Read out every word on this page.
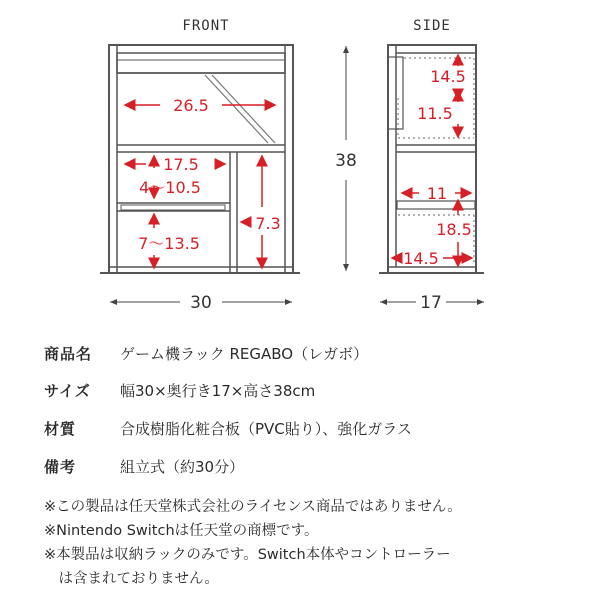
FRONT	SIDE
26.5
17.5
4～10.5
7～13.5
7.3
38
30
14.5
11.5
11
18.5
14.5
17
商品名 ゲーム機ラック REGABO（レガボ）
サイズ 幅30×奥行き17×高さ38cm
材質	合成樹脂化粧合板（PVC貼り）、強化ガラス
備考	組立式（約30分）
※この製品は任天堂株式会社のライセンス商品ではありません。
※Nintendo Switchは任天堂の商標です。
※本製品は収納ラックのみです。Switch本体やコントローラー
　は含まれておりません。
